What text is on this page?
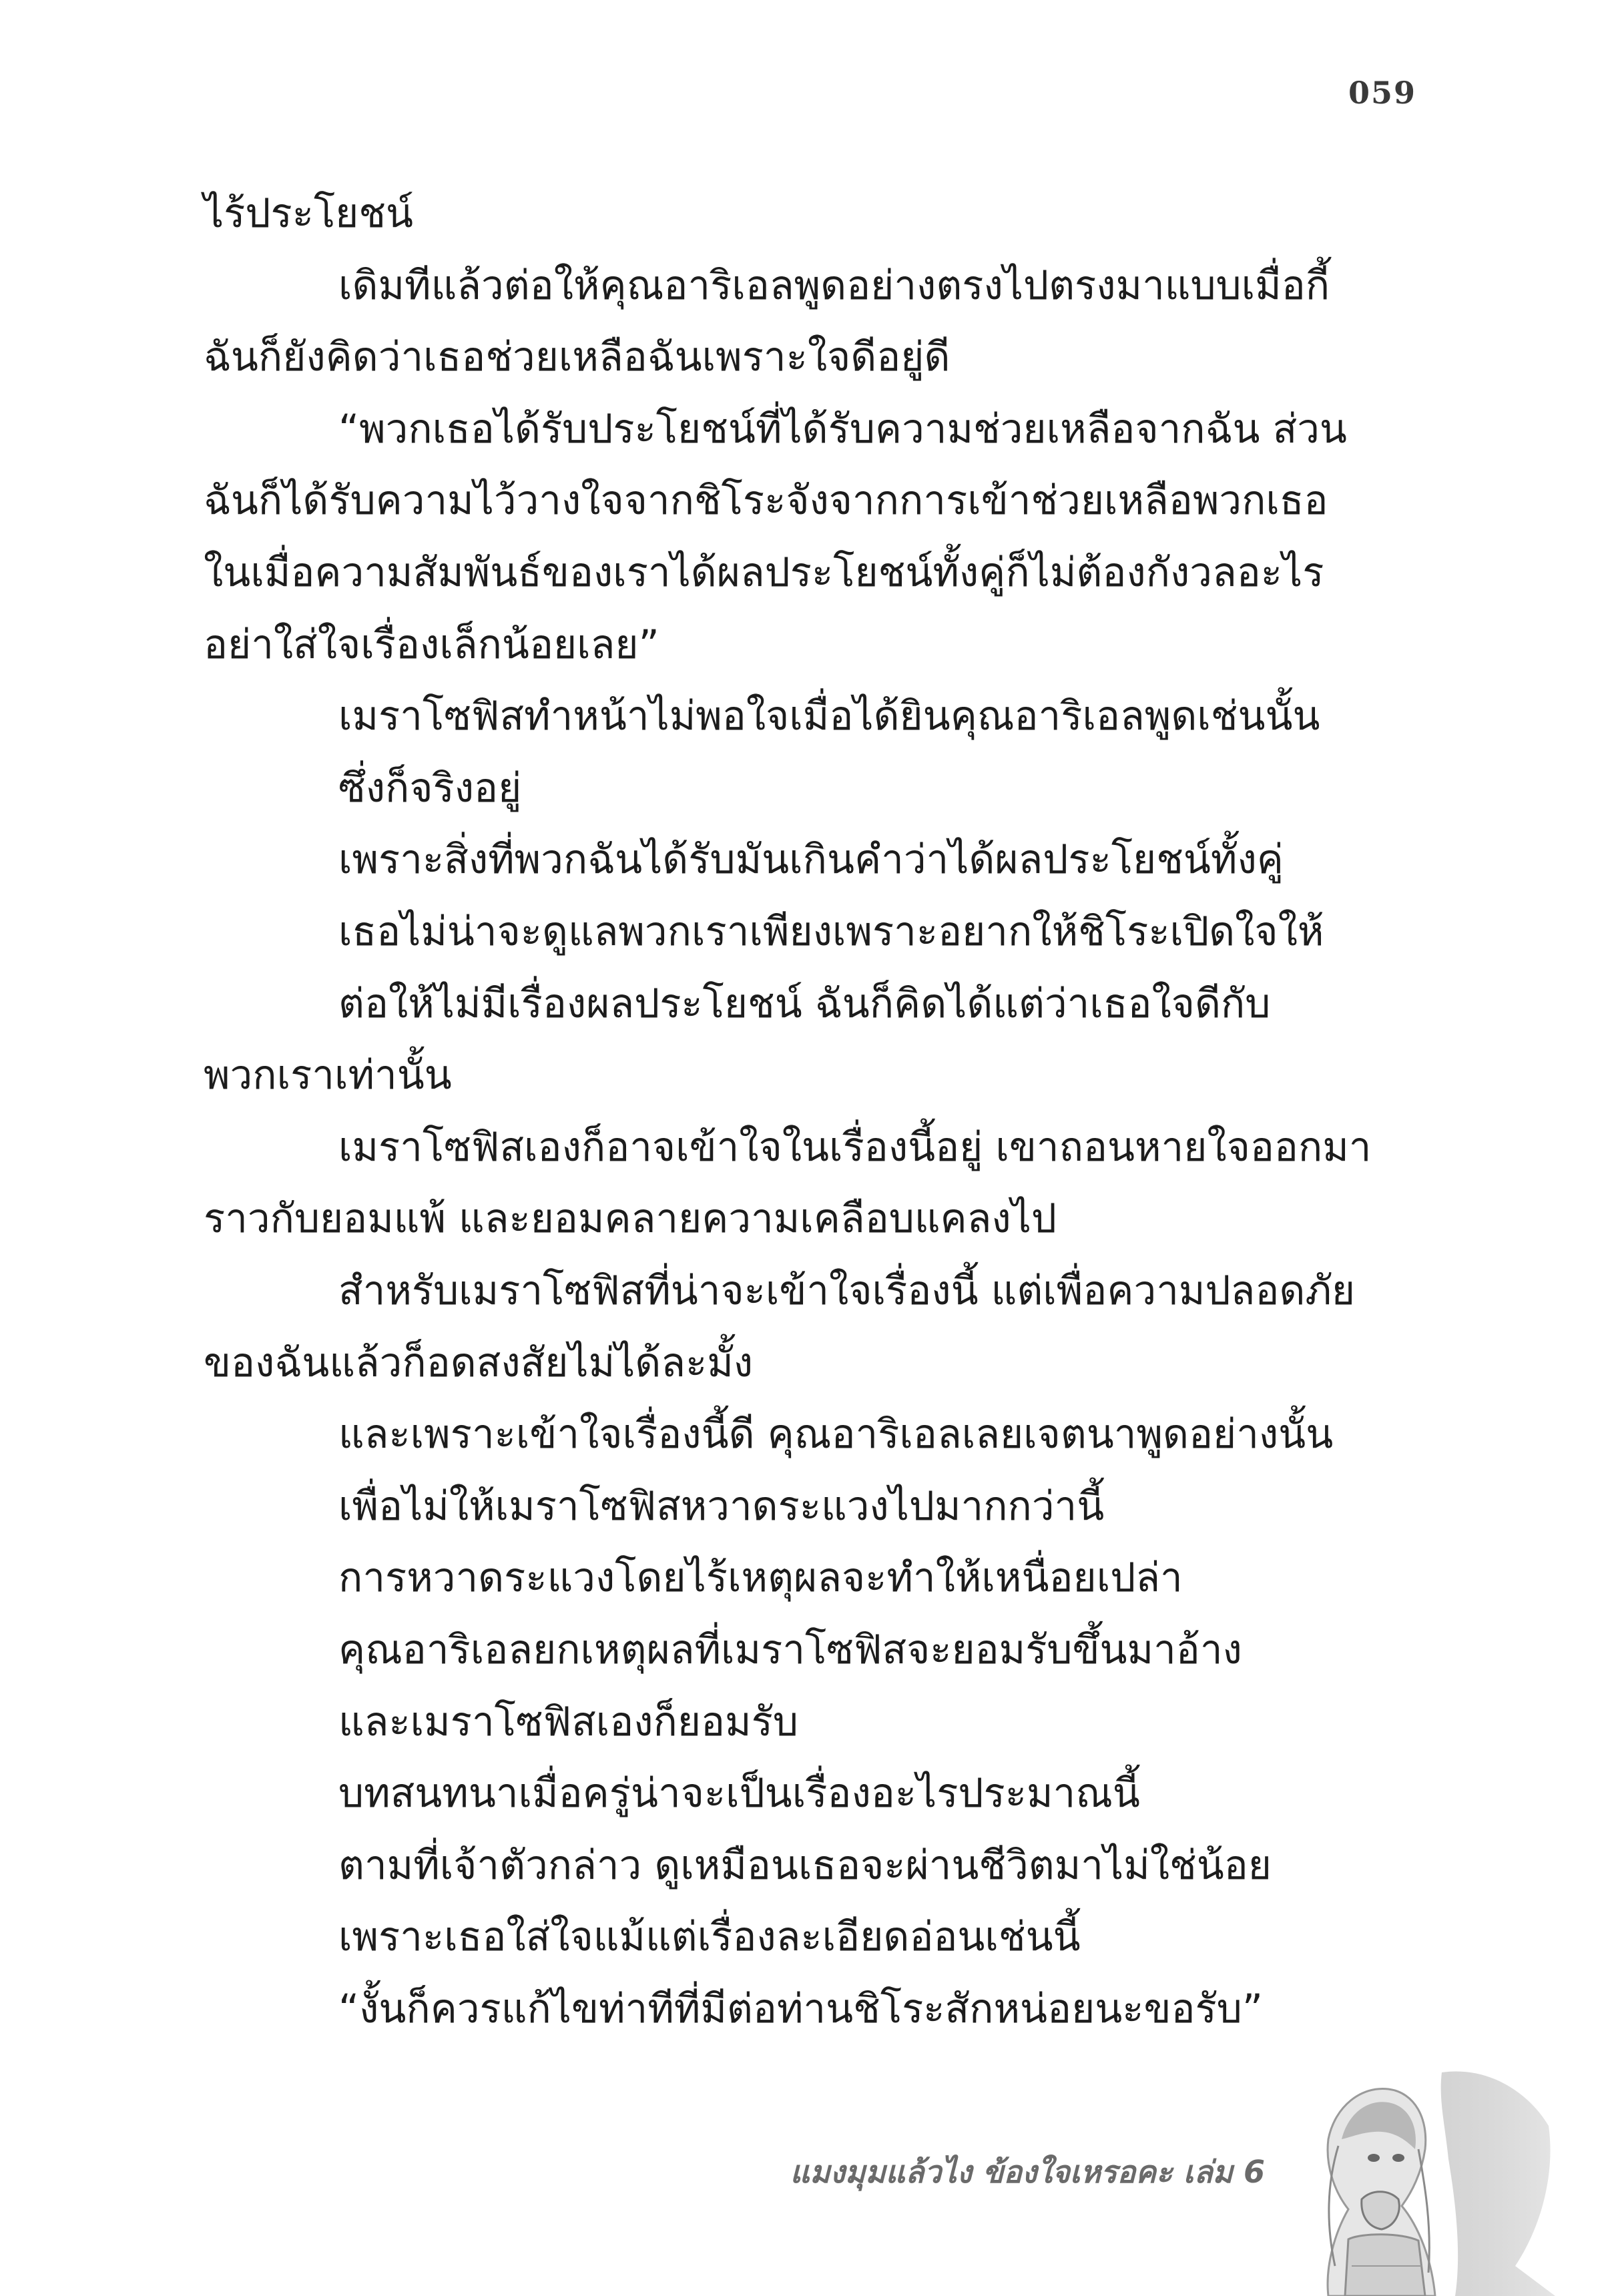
059
ไร้ประโยชน์
เดิมทีแล้วต่อให้คุณอาริเอลพูดอย่างตรงไปตรงมาแบบเมื่อกี้
ฉันก็ยังคิดว่าเธอช่วยเหลือฉันเพราะใจดีอยู่ดี
“พวกเธอได้รับประโยชน์ที่ได้รับความช่วยเหลือจากฉัน ส่วน
ฉันก็ได้รับความไว้วางใจจากชิโระจังจากการเข้าช่วยเหลือพวกเธอ
ในเมื่อความสัมพันธ์ของเราได้ผลประโยชน์ทั้งคู่ก็ไม่ต้องกังวลอะไร
อย่าใส่ใจเรื่องเล็กน้อยเลย”
เมราโซฟิสทำหน้าไม่พอใจเมื่อได้ยินคุณอาริเอลพูดเช่นนั้น
ซึ่งก็จริงอยู่
เพราะสิ่งที่พวกฉันได้รับมันเกินคำว่าได้ผลประโยชน์ทั้งคู่
เธอไม่น่าจะดูแลพวกเราเพียงเพราะอยากให้ชิโระเปิดใจให้
ต่อให้ไม่มีเรื่องผลประโยชน์ ฉันก็คิดได้แต่ว่าเธอใจดีกับ
พวกเราเท่านั้น
เมราโซฟิสเองก็อาจเข้าใจในเรื่องนี้อยู่ เขาถอนหายใจออกมา
ราวกับยอมแพ้ และยอมคลายความเคลือบแคลงไป
สำหรับเมราโซฟิสที่น่าจะเข้าใจเรื่องนี้ แต่เพื่อความปลอดภัย
ของฉันแล้วก็อดสงสัยไม่ได้ละมั้ง
และเพราะเข้าใจเรื่องนี้ดี คุณอาริเอลเลยเจตนาพูดอย่างนั้น
เพื่อไม่ให้เมราโซฟิสหวาดระแวงไปมากกว่านี้
การหวาดระแวงโดยไร้เหตุผลจะทำให้เหนื่อยเปล่า
คุณอาริเอลยกเหตุผลที่เมราโซฟิสจะยอมรับขึ้นมาอ้าง
และเมราโซฟิสเองก็ยอมรับ
บทสนทนาเมื่อครู่น่าจะเป็นเรื่องอะไรประมาณนี้
ตามที่เจ้าตัวกล่าว ดูเหมือนเธอจะผ่านชีวิตมาไม่ใช่น้อย
เพราะเธอใส่ใจแม้แต่เรื่องละเอียดอ่อนเช่นนี้
“งั้นก็ควรแก้ไขท่าทีที่มีต่อท่านชิโระสักหน่อยนะขอรับ”
แมงมุมแล้วไง ข้องใจเหรอคะ เล่ม 6
